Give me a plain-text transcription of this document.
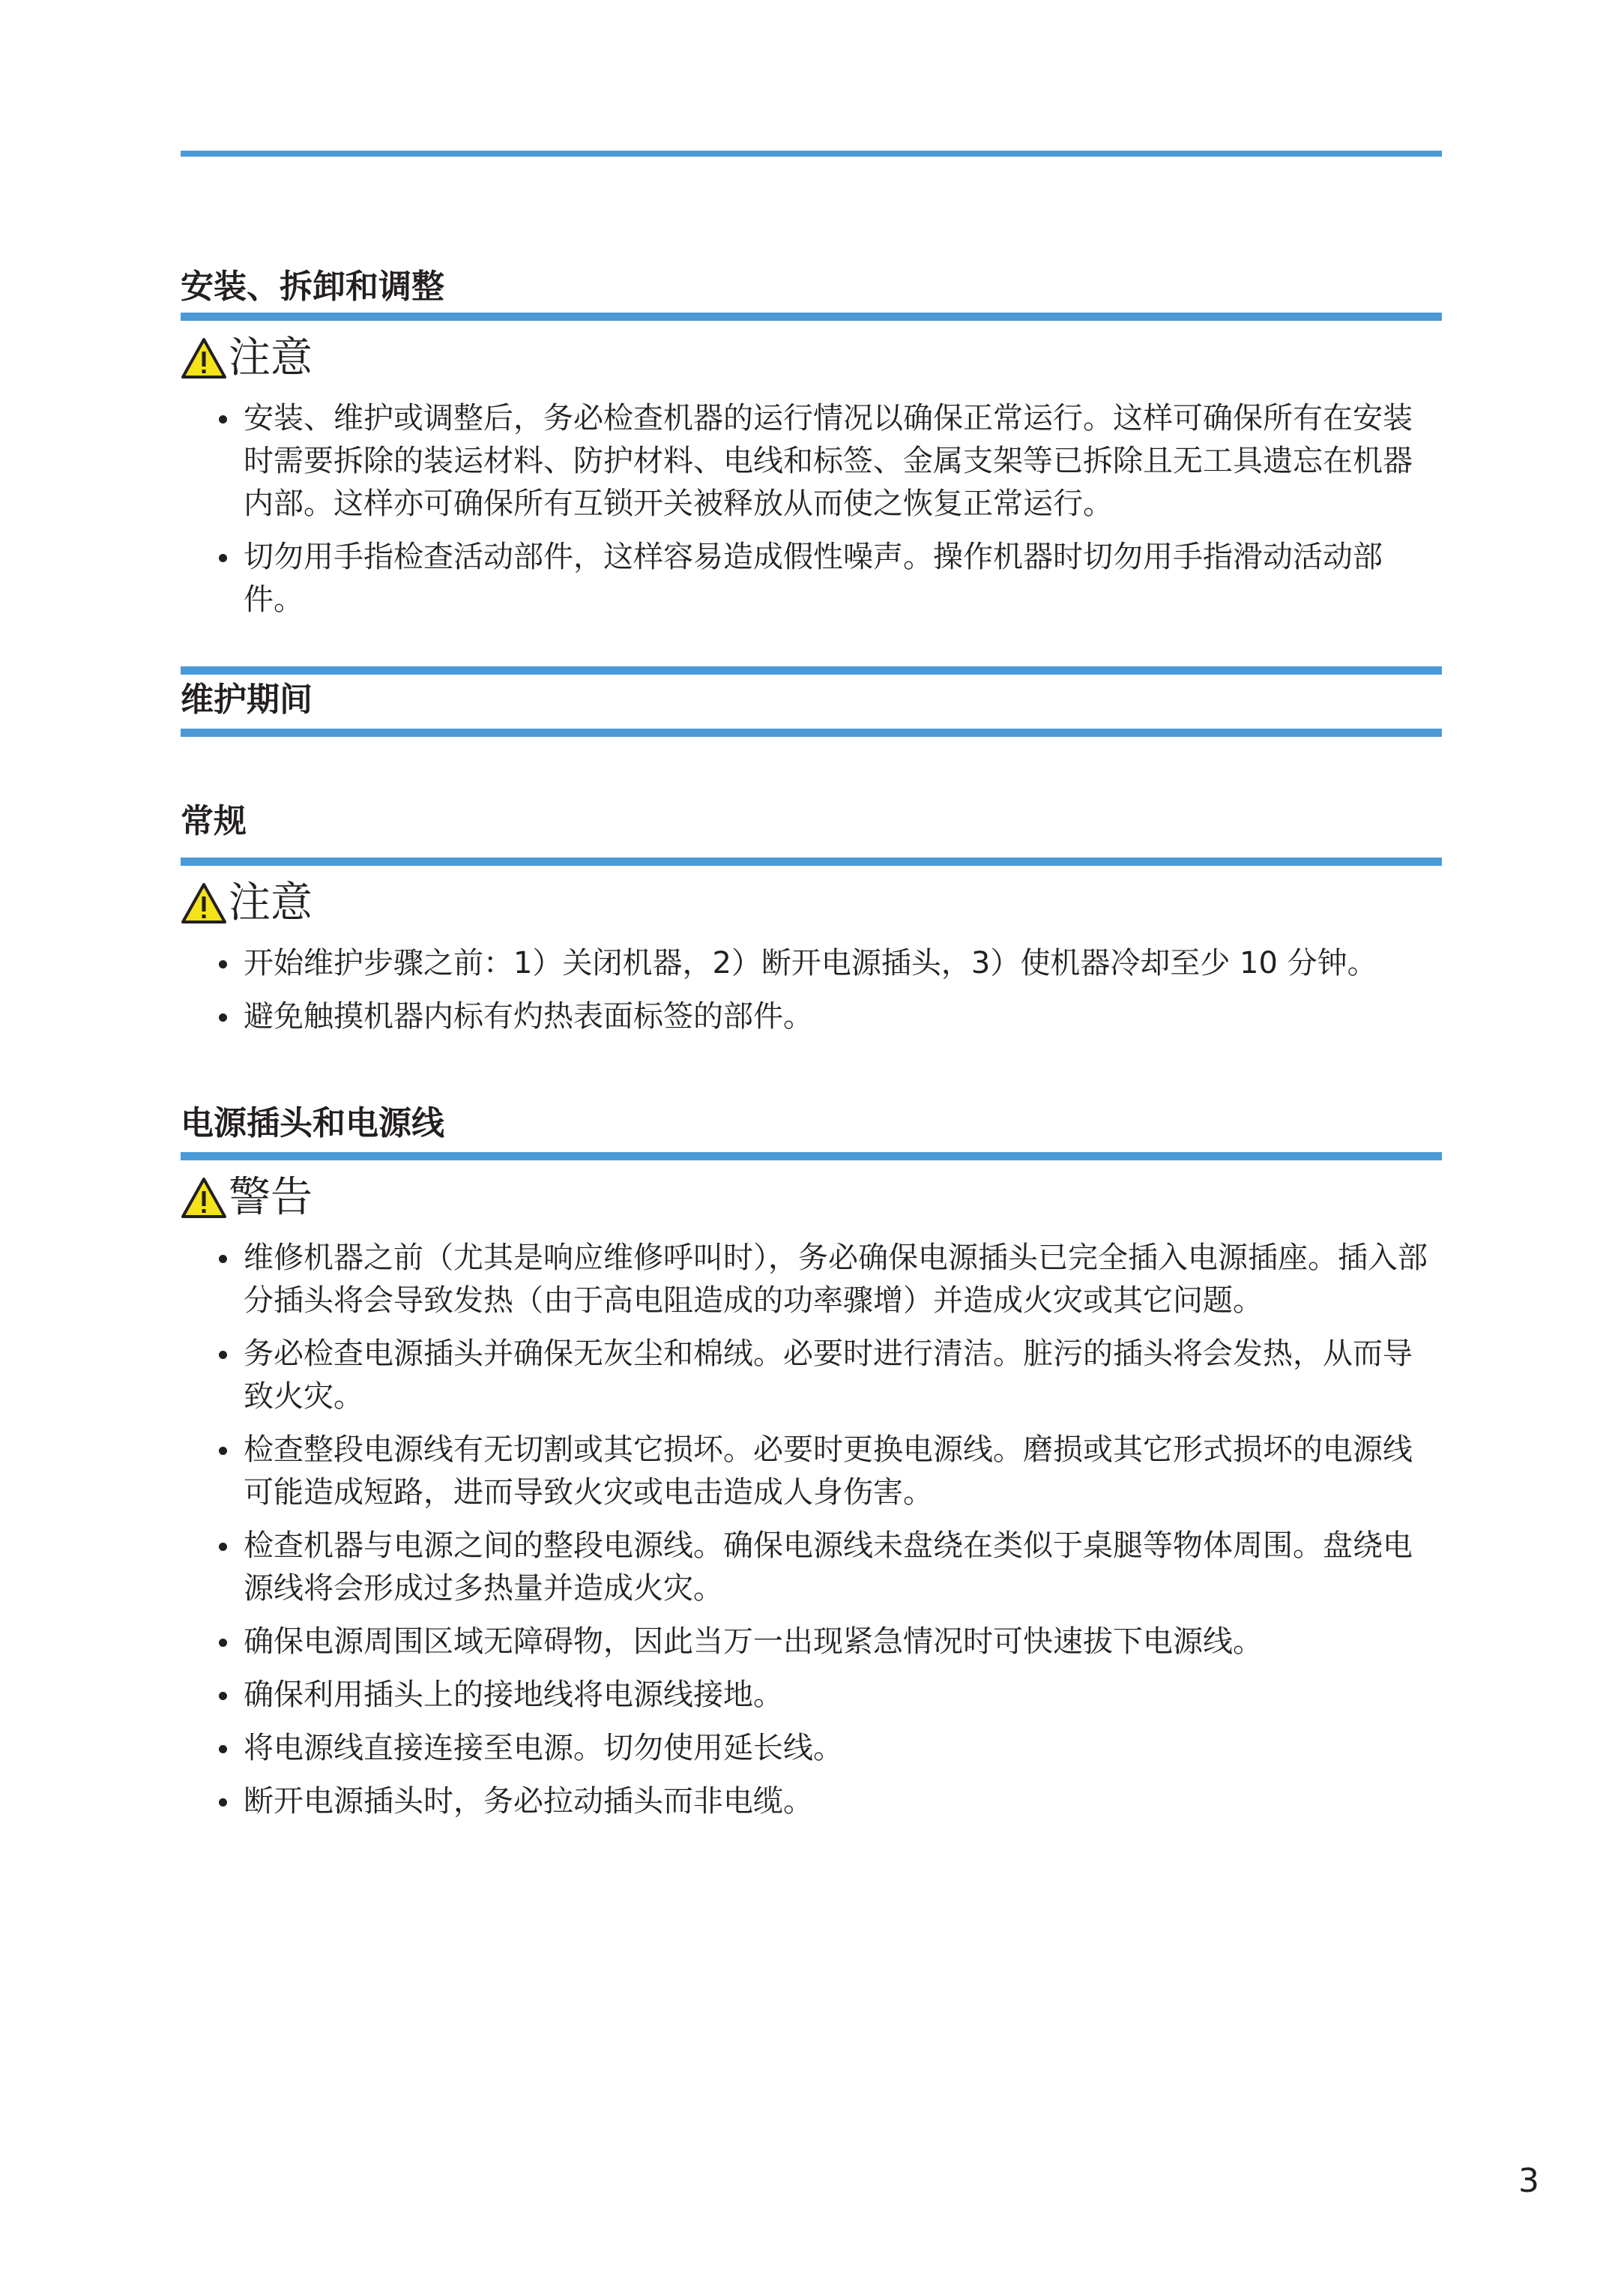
安装、拆卸和调整
注意
安装、维护或调整后，务必检查机器的运行情况以确保正常运行。这样可确保所有在安装时需要拆除的装运材料、防护材料、电线和标签、金属支架等已拆除且无工具遗忘在机器内部。这样亦可确保所有互锁开关被释放从而使之恢复正常运行。
切勿用手指检查活动部件，这样容易造成假性噪声。操作机器时切勿用手指滑动活动部件。
维护期间
常规
注意
开始维护步骤之前：1）关闭机器，2）断开电源插头，3）使机器冷却至少 10 分钟。
避免触摸机器内标有灼热表面标签的部件。
电源插头和电源线
警告
维修机器之前（尤其是响应维修呼叫时），务必确保电源插头已完全插入电源插座。插入部分插头将会导致发热（由于高电阻造成的功率骤增）并造成火灾或其它问题。
务必检查电源插头并确保无灰尘和棉绒。必要时进行清洁。脏污的插头将会发热，从而导致火灾。
检查整段电源线有无切割或其它损坏。必要时更换电源线。磨损或其它形式损坏的电源线可能造成短路，进而导致火灾或电击造成人身伤害。
检查机器与电源之间的整段电源线。确保电源线未盘绕在类似于桌腿等物体周围。盘绕电源线将会形成过多热量并造成火灾。
确保电源周围区域无障碍物，因此当万一出现紧急情况时可快速拔下电源线。
确保利用插头上的接地线将电源线接地。
将电源线直接连接至电源。切勿使用延长线。
断开电源插头时，务必拉动插头而非电缆。
3
